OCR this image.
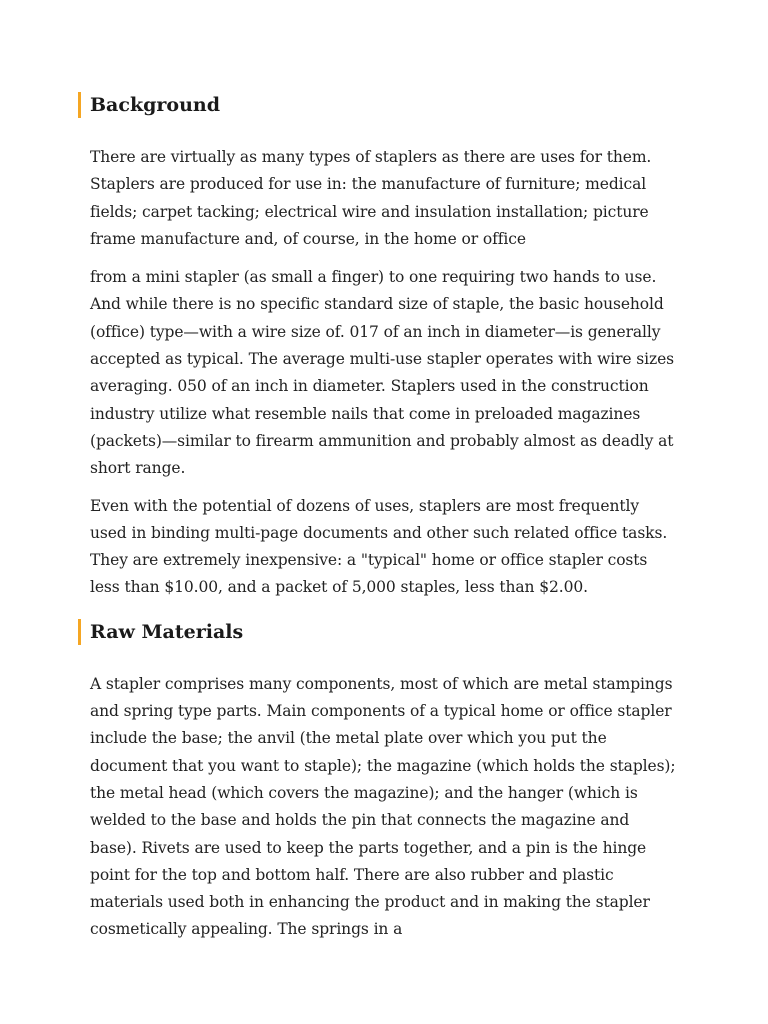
Background

There are virtually as many types of staplers as there are uses for them. Staplers are produced for use in: the manufacture of furniture; medical fields; carpet tacking; electrical wire and insulation installation; picture frame manufacture and, of course, in the home or office

from a mini stapler (as small a finger) to one requiring two hands to use. And while there is no specific standard size of staple, the basic household (office) type—with a wire size of. 017 of an inch in diameter—is generally accepted as typical. The average multi-use stapler operates with wire sizes averaging. 050 of an inch in diameter. Staplers used in the construction industry utilize what resemble nails that come in preloaded magazines (packets)—similar to firearm ammunition and probably almost as deadly at short range.

Even with the potential of dozens of uses, staplers are most frequently used in binding multi-page documents and other such related office tasks. They are extremely inexpensive: a "typical" home or office stapler costs less than $10.00, and a packet of 5,000 staples, less than $2.00.

Raw Materials

A stapler comprises many components, most of which are metal stampings and spring type parts. Main components of a typical home or office stapler include the base; the anvil (the metal plate over which you put the document that you want to staple); the magazine (which holds the staples); the metal head (which covers the magazine); and the hanger (which is welded to the base and holds the pin that connects the magazine and base). Rivets are used to keep the parts together, and a pin is the hinge point for the top and bottom half. There are also rubber and plastic materials used both in enhancing the product and in making the stapler cosmetically appealing. The springs in a
